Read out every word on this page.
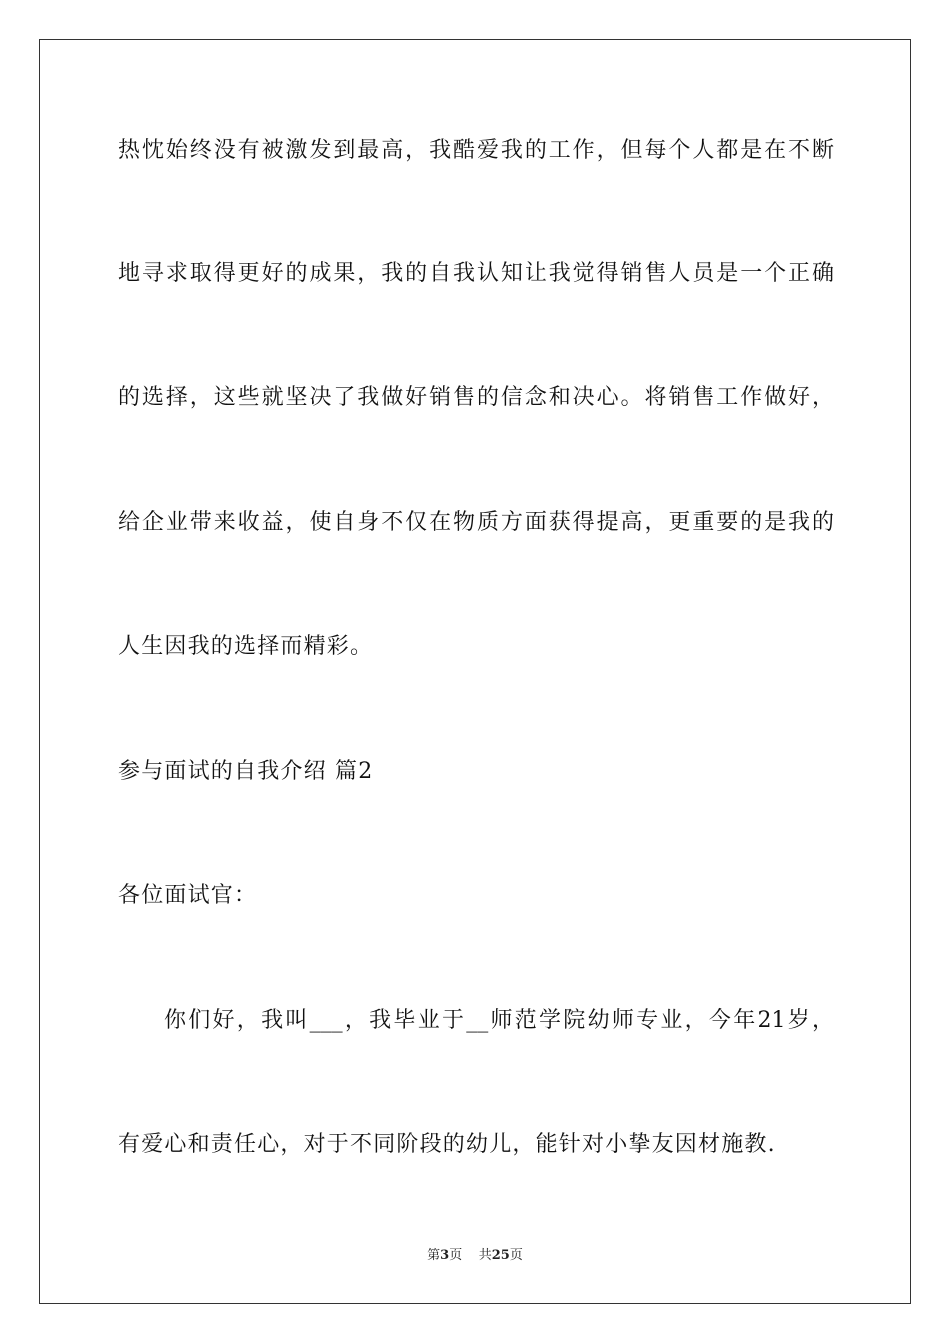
热忱始终没有被激发到最高，我酷爱我的工作，但每个人都是在不断
地寻求取得更好的成果，我的自我认知让我觉得销售人员是一个正确
的选择，这些就坚决了我做好销售的信念和决心。将销售工作做好，
给企业带来收益，使自身不仅在物质方面获得提高，更重要的是我的
人生因我的选择而精彩。
参与面试的自我介绍 篇2
各位面试官：
你们好，我叫___，我毕业于__师范学院幼师专业，今年21岁，
有爱心和责任心，对于不同阶段的幼儿，能针对小挚友因材施教.
第3页 共25页
